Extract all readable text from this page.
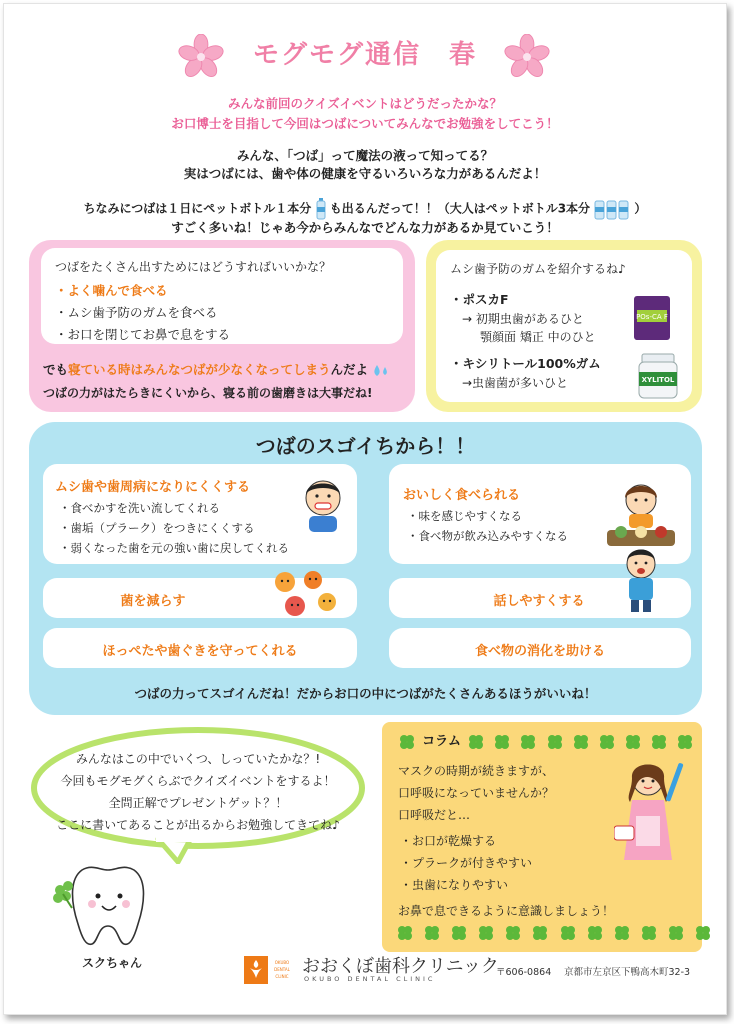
モグモグ通信　春
みんな前回のクイズイベントはどうだったかな？
お口博士を目指して今回はつばについてみんなでお勉強をしてこう！
みんな、「つば」って魔法の液って知ってる？
実はつばには、歯や体の健康を守るいろいろな力があるんだよ！
ちなみにつばは１日にペットボトル１本分 も出るんだって！！（大人はペットボトル3本分	）
すごく多いね！じゃあ今からみんなでどんな力があるか見ていこう！
つばをたくさん出すためにはどうすればいいかな？
・よく噛んで食べる
・ムシ歯予防のガムを食べる
・お口を閉じてお鼻で息をする
でも寝ている時はみんなつばが少なくなってしまうんだよ
つばの力がはたらきにくいから、寝る前の歯磨きは大事だね!
ムシ歯予防のガムを紹介するね♪
・ポスカF
→ 初期虫歯があるひと
顎顔面 矯正 中のひと
POs-CA F
・キシリトール100%ガム
→虫歯菌が多いひと	XYLITOL
つばのスゴイちから！！
ムシ歯や歯周病になりにくくする
・食べかすを洗い流してくれる
・歯垢（プラーク）をつきにくくする
・弱くなった歯を元の強い歯に戻してくれる
おいしく食べられる
・味を感じやすくなる
・食べ物が飲み込みやすくなる
菌を減らす	話しやすくする
ほっぺたや歯ぐきを守ってくれる	食べ物の消化を助ける
つばの力ってスゴイんだね！だからお口の中につばがたくさんあるほうがいいね！
みんなはこの中でいくつ、しっていたかな？!
今回もモグモグくらぶでクイズイベントをするよ！
全問正解でプレゼントゲット？！
ここに書いてあることが出るからお勉強してきてね♪
スクちゃん
コラム
マスクの時期が続きますが、
口呼吸になっていませんか？
口呼吸だと…
・お口が乾燥する
・プラークが付きやすい
・虫歯になりやすい
お鼻で息できるように意識しましょう！

OKUBO
DENTAL
CLINIC おおくぼ歯科クリニック
OKUBO DENTAL CLINIC
〒606-0864 京都市左京区下鴨高木町32-3
